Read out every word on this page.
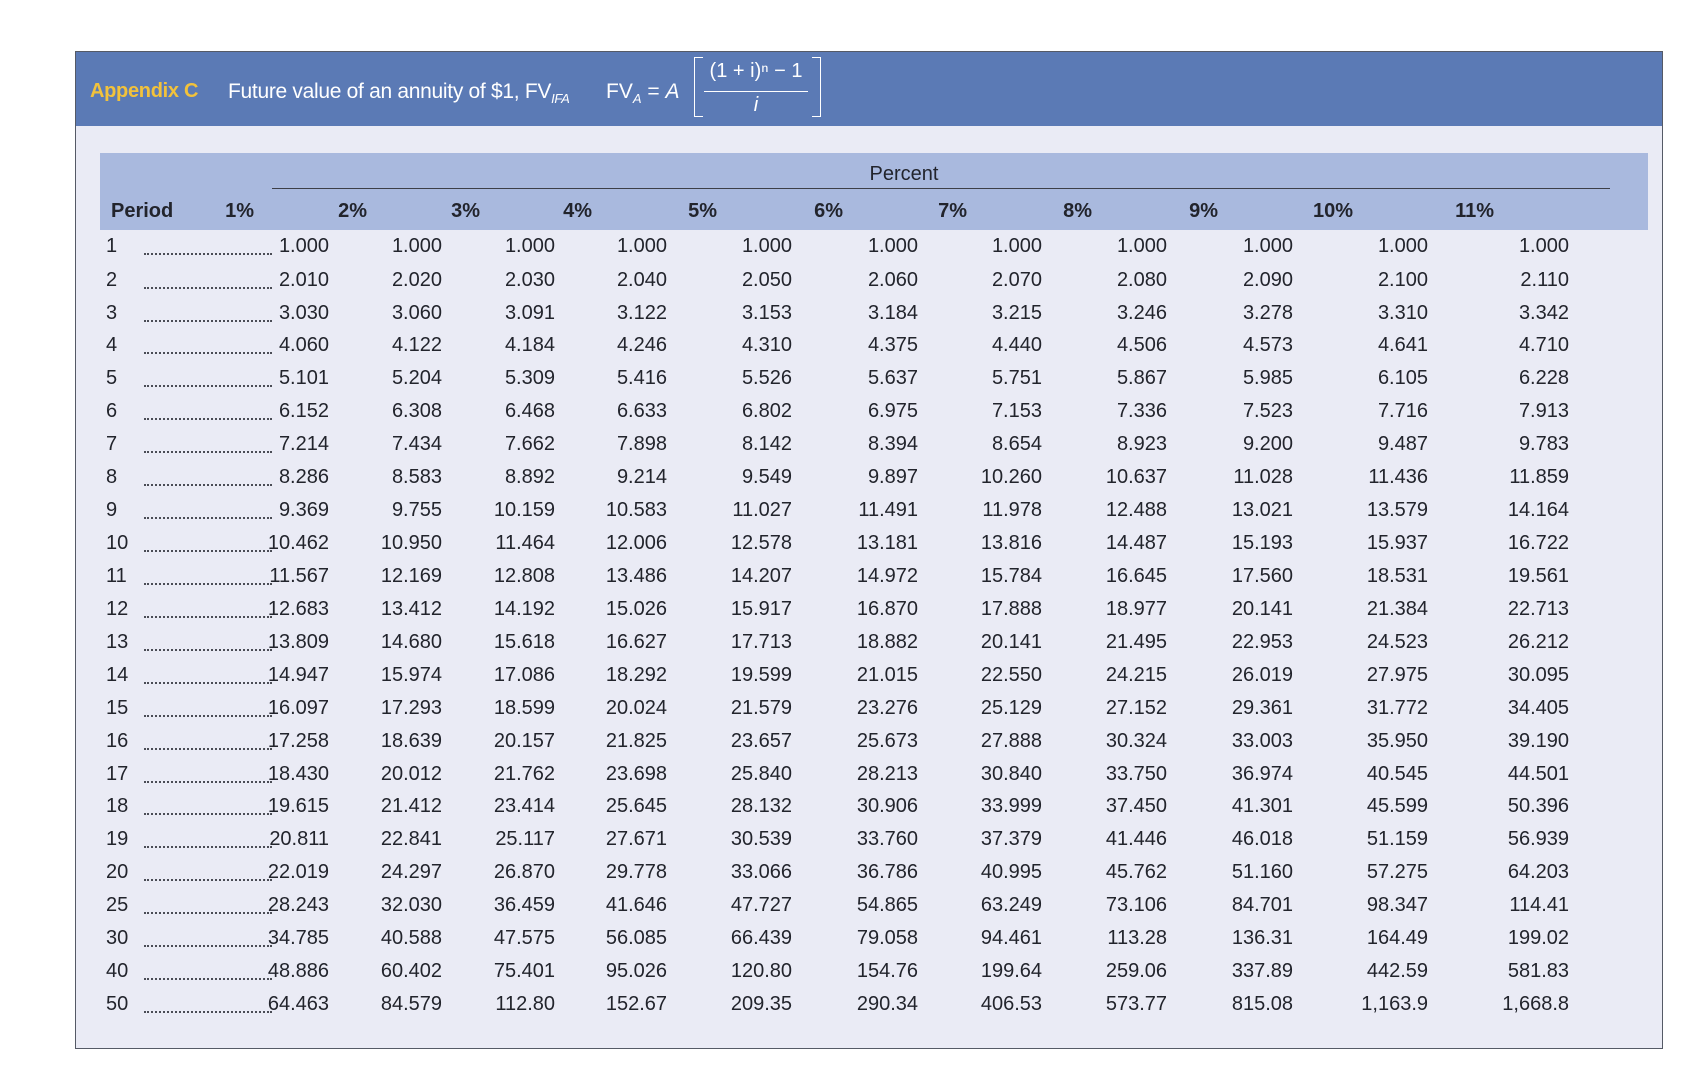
Appendix C Future value of an annuity of $1, $FV_{IFA}$ $FV_A = A$
(1 + i)ⁿ − 1
i
Percent
Period	1%	2%	3%	4%	5%	6%	7%	8%	9%	10%	11%
1	1.000	1.000	1.000	1.000	1.000	1.000	1.000	1.000	1.000	1.000	1.000
2	2.010	2.020	2.030	2.040	2.050	2.060	2.070	2.080	2.090	2.100	2.110
3	3.030	3.060	3.091	3.122	3.153	3.184	3.215	3.246	3.278	3.310	3.342
4	4.060	4.122	4.184	4.246	4.310	4.375	4.440	4.506	4.573	4.641	4.710
5	5.101	5.204	5.309	5.416	5.526	5.637	5.751	5.867	5.985	6.105	6.228
6	6.152	6.308	6.468	6.633	6.802	6.975	7.153	7.336	7.523	7.716	7.913
7	7.214	7.434	7.662	7.898	8.142	8.394	8.654	8.923	9.200	9.487	9.783
8	8.286	8.583	8.892	9.214	9.549	9.897	10.260	10.637	11.028	11.436	11.859
9	9.369	9.755	10.159	10.583	11.027	11.491	11.978	12.488	13.021	13.579	14.164
10	10.462	10.950	11.464	12.006	12.578	13.181	13.816	14.487	15.193	15.937	16.722
11	11.567	12.169	12.808	13.486	14.207	14.972	15.784	16.645	17.560	18.531	19.561
12	12.683	13.412	14.192	15.026	15.917	16.870	17.888	18.977	20.141	21.384	22.713
13	13.809	14.680	15.618	16.627	17.713	18.882	20.141	21.495	22.953	24.523	26.212
14	14.947	15.974	17.086	18.292	19.599	21.015	22.550	24.215	26.019	27.975	30.095
15	16.097	17.293	18.599	20.024	21.579	23.276	25.129	27.152	29.361	31.772	34.405
16	17.258	18.639	20.157	21.825	23.657	25.673	27.888	30.324	33.003	35.950	39.190
17	18.430	20.012	21.762	23.698	25.840	28.213	30.840	33.750	36.974	40.545	44.501
18	19.615	21.412	23.414	25.645	28.132	30.906	33.999	37.450	41.301	45.599	50.396
19	20.811	22.841	25.117	27.671	30.539	33.760	37.379	41.446	46.018	51.159	56.939
20	22.019	24.297	26.870	29.778	33.066	36.786	40.995	45.762	51.160	57.275	64.203
25	28.243	32.030	36.459	41.646	47.727	54.865	63.249	73.106	84.701	98.347	114.41
30	34.785	40.588	47.575	56.085	66.439	79.058	94.461	113.28	136.31	164.49	199.02
40	48.886	60.402	75.401	95.026	120.80	154.76	199.64	259.06	337.89	442.59	581.83
50	64.463	84.579	112.80	152.67	209.35	290.34	406.53	573.77	815.08	1,163.9	1,668.8
